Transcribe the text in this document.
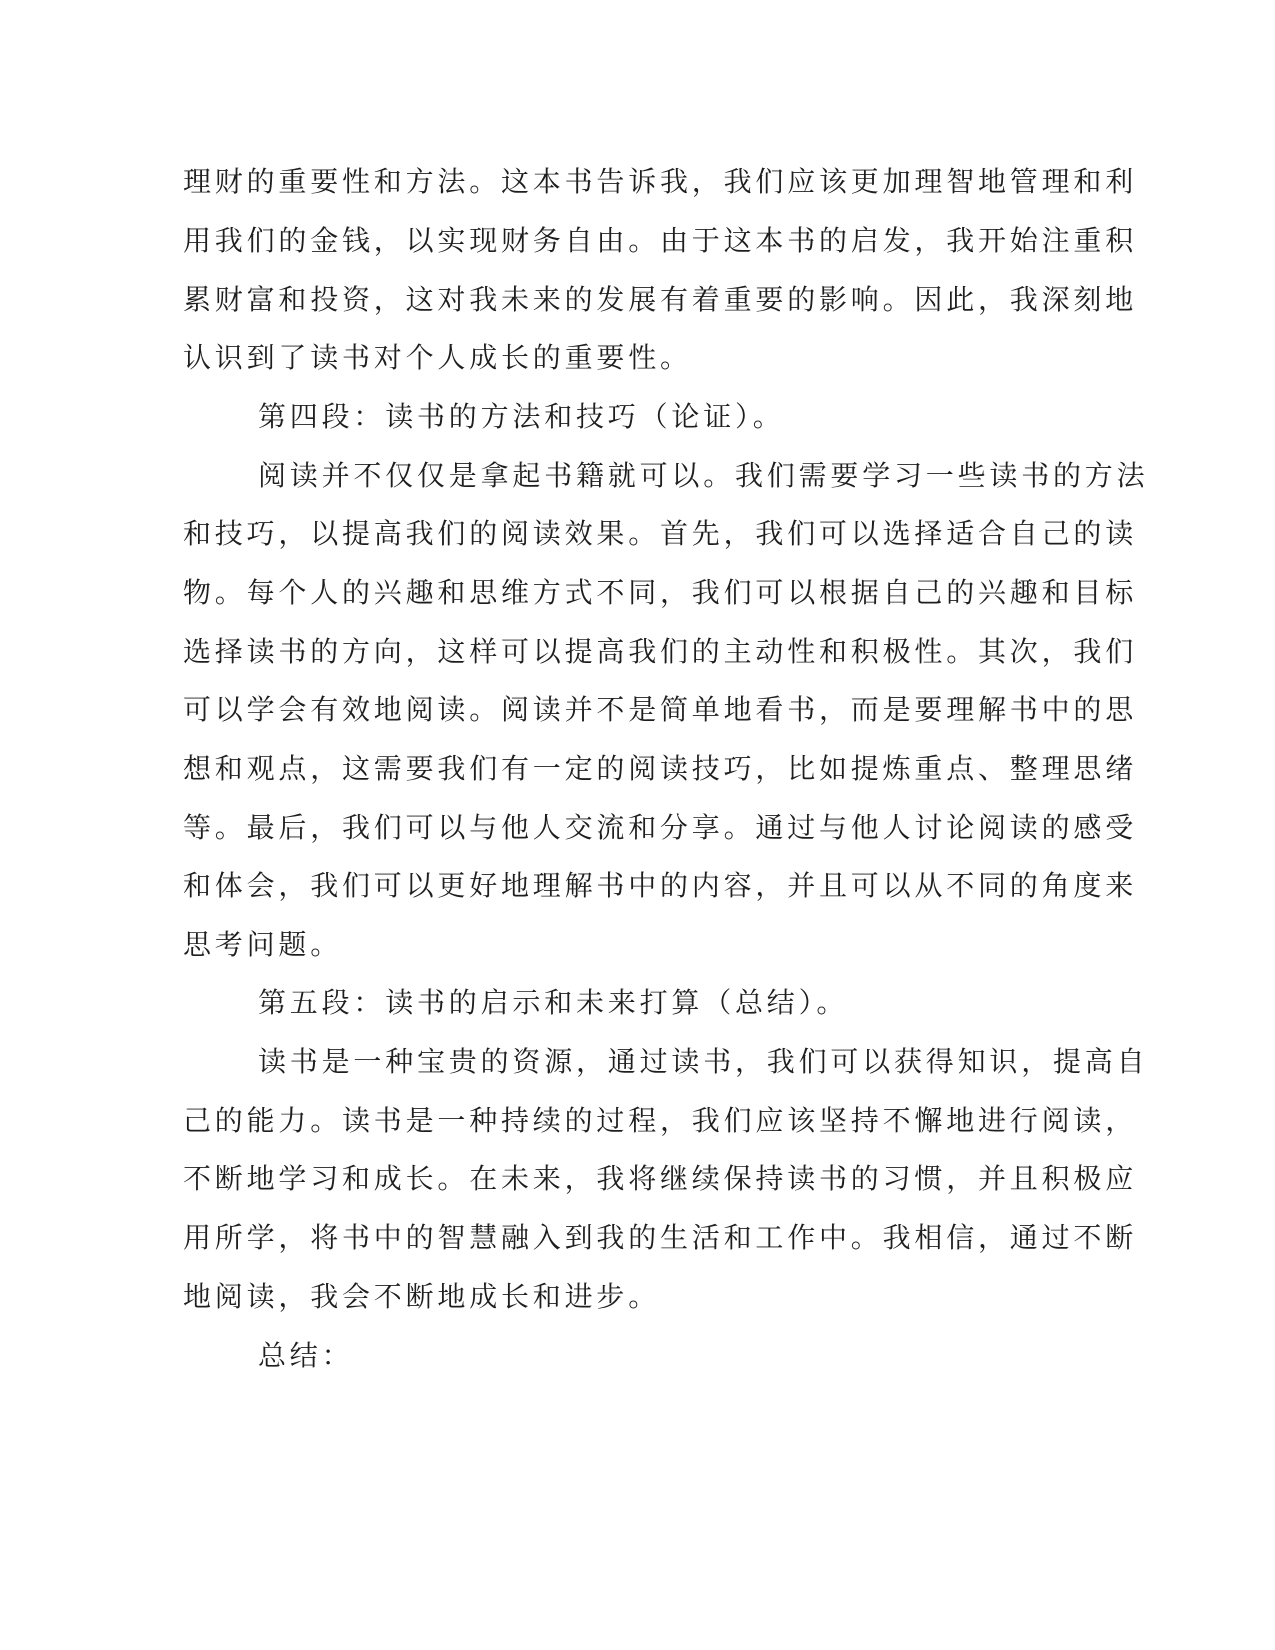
理财的重要性和方法。这本书告诉我，我们应该更加理智地管理和利
用我们的金钱，以实现财务自由。由于这本书的启发，我开始注重积
累财富和投资，这对我未来的发展有着重要的影响。因此，我深刻地
认识到了读书对个人成长的重要性。
第四段：读书的方法和技巧（论证）。
阅读并不仅仅是拿起书籍就可以。我们需要学习一些读书的方法
和技巧，以提高我们的阅读效果。首先，我们可以选择适合自己的读
物。每个人的兴趣和思维方式不同，我们可以根据自己的兴趣和目标
选择读书的方向，这样可以提高我们的主动性和积极性。其次，我们
可以学会有效地阅读。阅读并不是简单地看书，而是要理解书中的思
想和观点，这需要我们有一定的阅读技巧，比如提炼重点、整理思绪
等。最后，我们可以与他人交流和分享。通过与他人讨论阅读的感受
和体会，我们可以更好地理解书中的内容，并且可以从不同的角度来
思考问题。
第五段：读书的启示和未来打算（总结）。
读书是一种宝贵的资源，通过读书，我们可以获得知识，提高自
己的能力。读书是一种持续的过程，我们应该坚持不懈地进行阅读，
不断地学习和成长。在未来，我将继续保持读书的习惯，并且积极应
用所学，将书中的智慧融入到我的生活和工作中。我相信，通过不断
地阅读，我会不断地成长和进步。
总结：
